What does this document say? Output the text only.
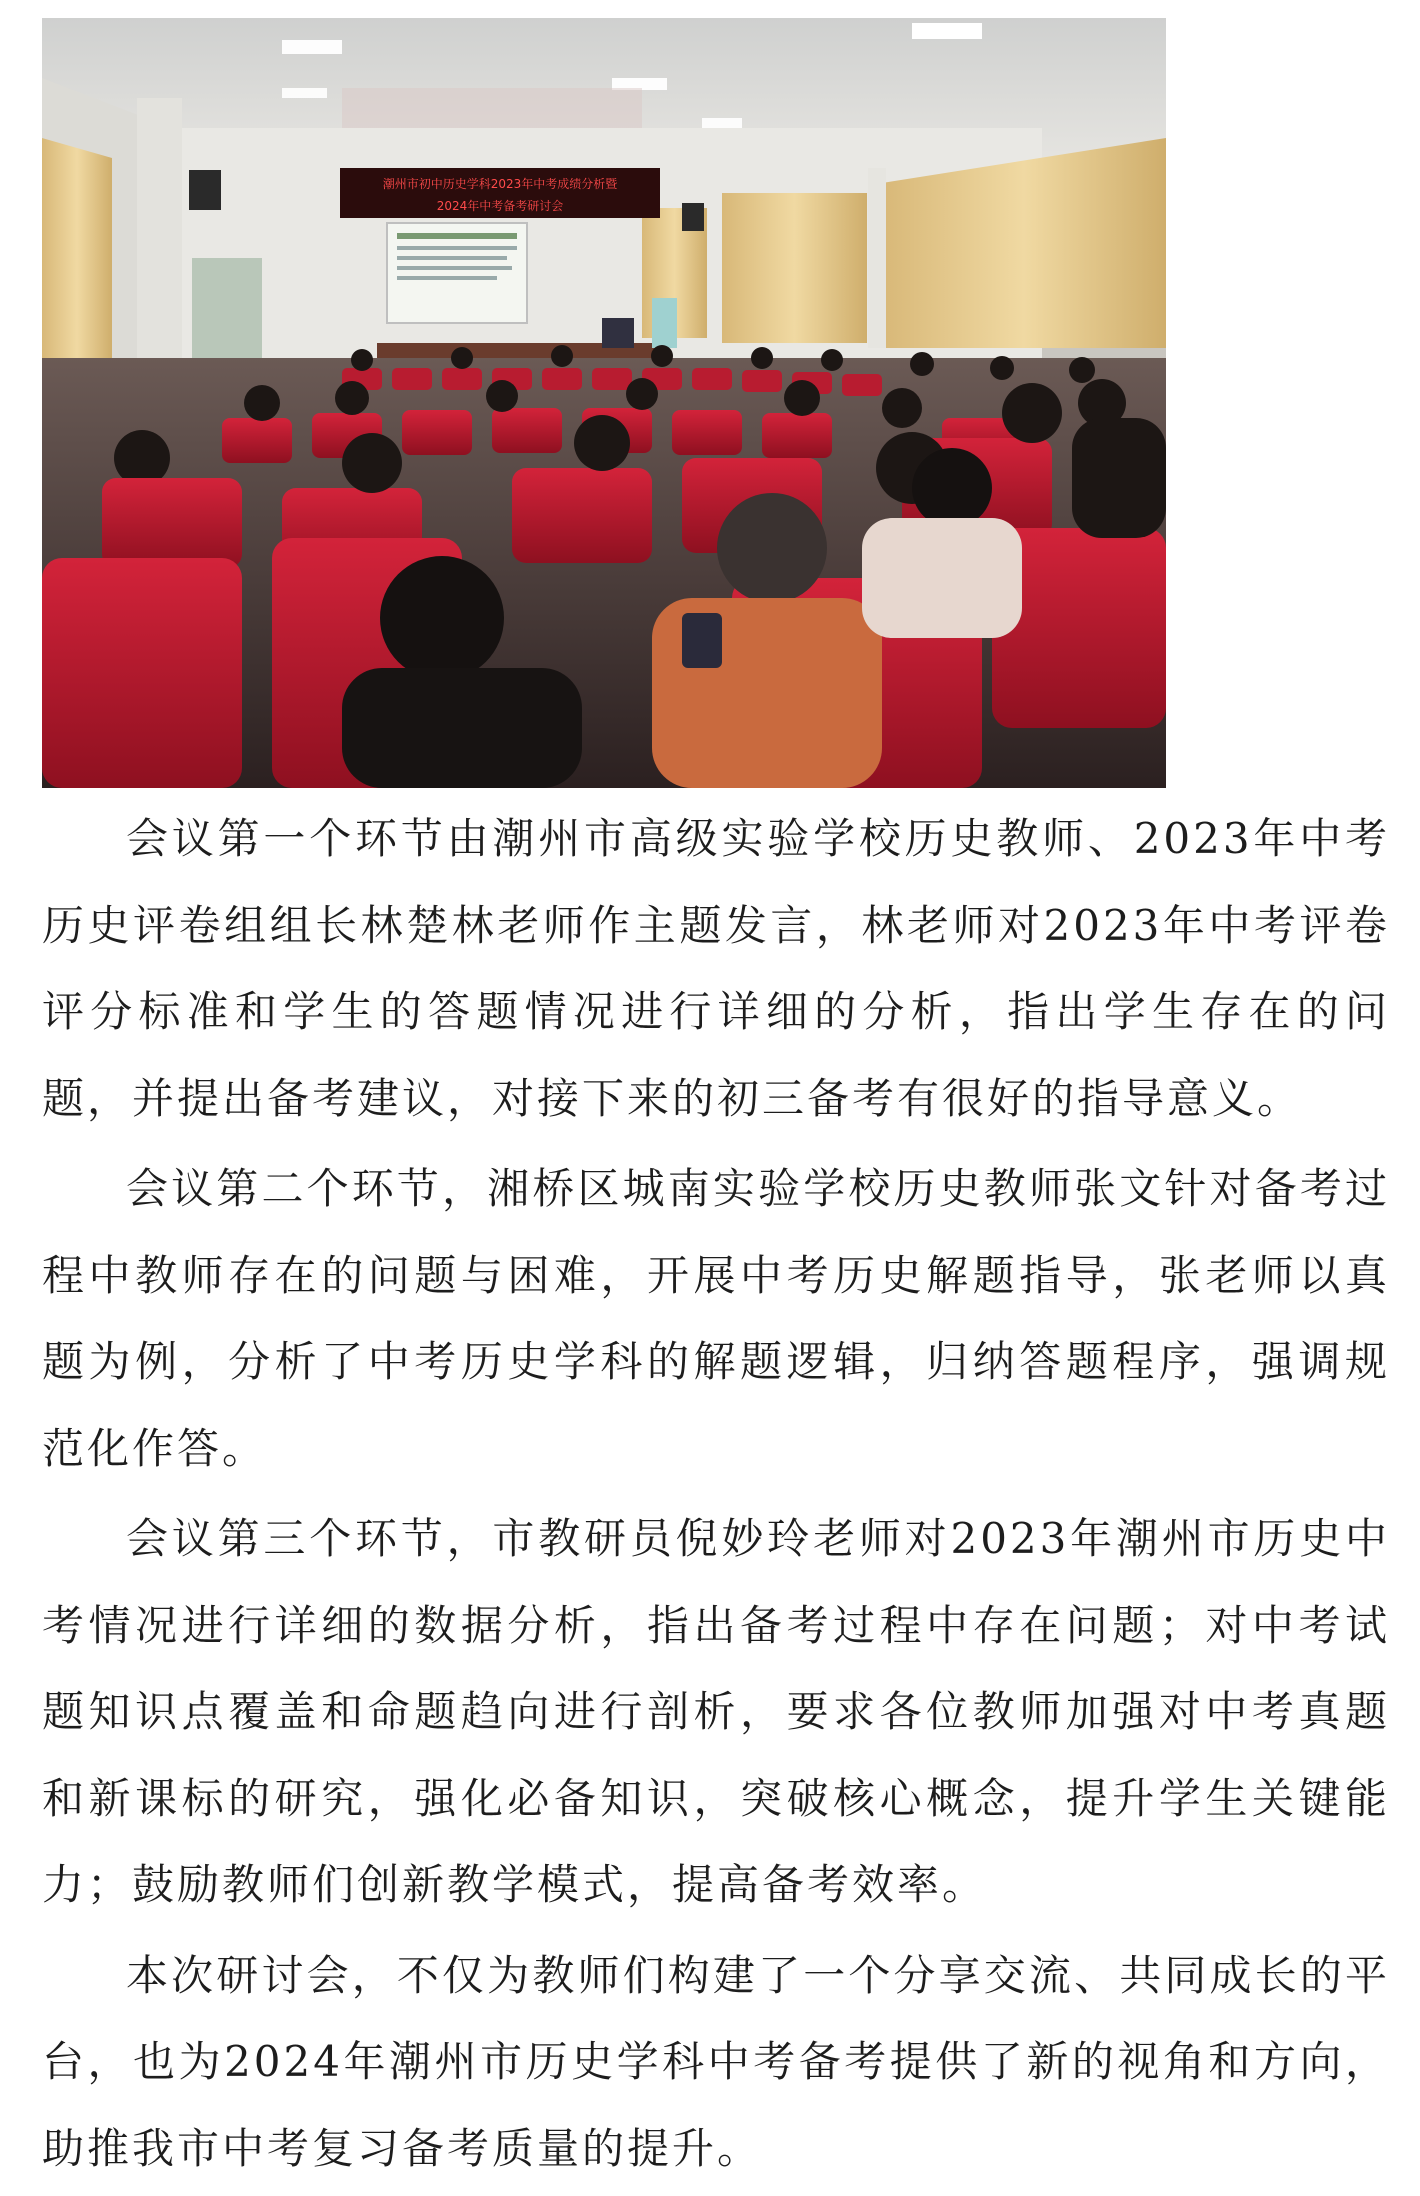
潮州市初中历史学科2023年中考成绩分析暨
2024年中考备考研讨会

会议第一个环节由潮州市高级实验学校历史教师、2023年中考历史评卷组组长林楚林老师作主题发言，林老师对2023年中考评卷评分标准和学生的答题情况进行详细的分析，指出学生存在的问题，并提出备考建议，对接下来的初三备考有很好的指导意义。

会议第二个环节，湘桥区城南实验学校历史教师张文针对备考过程中教师存在的问题与困难，开展中考历史解题指导，张老师以真题为例，分析了中考历史学科的解题逻辑，归纳答题程序，强调规范化作答。

会议第三个环节，市教研员倪妙玲老师对2023年潮州市历史中考情况进行详细的数据分析，指出备考过程中存在问题；对中考试题知识点覆盖和命题趋向进行剖析，要求各位教师加强对中考真题和新课标的研究，强化必备知识，突破核心概念，提升学生关键能力；鼓励教师们创新教学模式，提高备考效率。

本次研讨会，不仅为教师们构建了一个分享交流、共同成长的平台，也为2024年潮州市历史学科中考备考提供了新的视角和方向，助推我市中考复习备考质量的提升。
